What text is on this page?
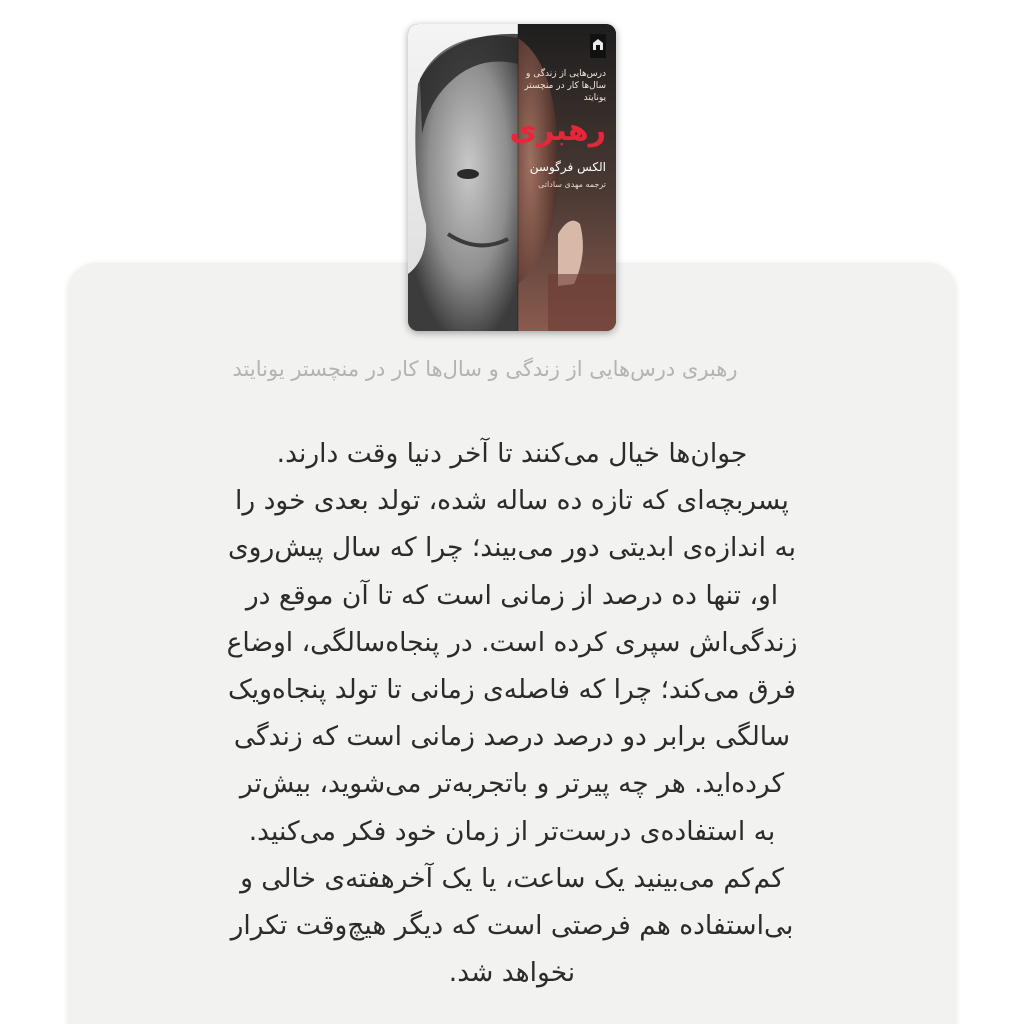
درس‌هایی از زندگی و سال‌ها کار در منچستر یونایتد
رهبری
الکس فرگوسن
ترجمه مهدی ساداتی
رهبری درس‌هایی از زندگی و سال‌ها کار در منچستر یونایتد

جوان‌ها خیال می‌کنند تا آخر دنیا وقت دارند.
پسربچه‌ای که تازه ده ساله شده، تولد بعدی خود را
به اندازه‌ی ابدیتی دور می‌بیند؛ چرا که سال پیش‌روی
او، تنها ده درصد از زمانی است که تا آن موقع در
زندگی‌اش سپری کرده است. در پنجاه‌سالگی، اوضاع
فرق می‌کند؛ چرا که فاصله‌ی زمانی تا تولد پنجاه‌ویک
سالگی برابر دو درصد درصد زمانی است که زندگی
کرده‌اید. هر چه پیرتر و باتجربه‌تر می‌شوید، بیش‌تر
به استفاده‌ی درست‌تر از زمان خود فکر می‌کنید.
کم‌کم می‌بینید یک ساعت، یا یک آخرهفته‌ی خالی و
بی‌استفاده هم فرصتی است که دیگر هیچ‌وقت تکرار
نخواهد شد.
